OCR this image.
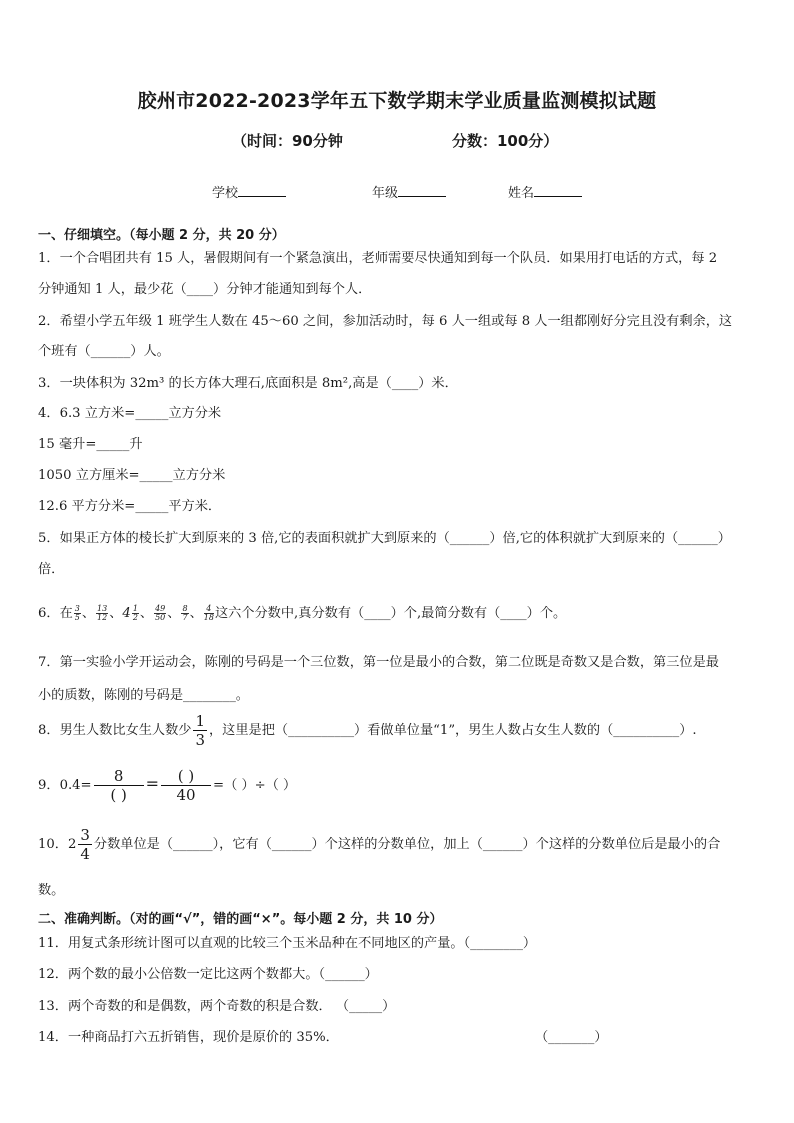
胶州市2022-2023学年五下数学期末学业质量监测模拟试题
（时间：90分钟	分数：100分）
学校	年级	姓名
一、仔细填空。（每小题 2 分，共 20 分）
1．一个合唱团共有 15 人，暑假期间有一个紧急演出，老师需要尽快通知到每一个队员．如果用打电话的方式，每 2
分钟通知 1 人，最少花（____）分钟才能通知到每个人．
2．希望小学五年级 1 班学生人数在 45～60 之间，参加活动时，每 6 人一组或每 8 人一组都刚好分完且没有剩余，这
个班有（______）人。
3．一块体积为 32m³ 的长方体大理石,底面积是 8m²,高是（____）米．
4．6.3 立方米=_____立方分米
15 毫升=_____升
1050 立方厘米=_____立方分米
12.6 平方分米=_____平方米．
5．如果正方体的棱长扩大到原来的 3 倍,它的表面积就扩大到原来的（______）倍,它的体积就扩大到原来的（______）
倍．
6．在 $\frac{3}{5}$ 、 $\frac{13}{12}$ 、$4 \frac{1}{2}$ 、 $\frac{49}{50}$ 、 $\frac{8}{7}$ 、 $\frac{4}{18}$ 这六个分数中,真分数有（____）个,最简分数有（____）个。
7．第一实验小学开运动会，陈刚的号码是一个三位数，第一位是最小的合数，第二位既是奇数又是合数，第三位是最
小的质数，陈刚的号码是________。
8．男生人数比女生人数少 $\frac{1}{3}$ ，这里是把（__________）看做单位量“1”，男生人数占女生人数的（__________）.
9．$0.4= \frac{8}{( )} = \frac{( )}{40}$ =（ ）÷（ ）
10．$2 \frac{3}{4}$ 分数单位是（______），它有（______）个这样的分数单位，加上（______）个这样的分数单位后是最小的合
数。
二、准确判断。（对的画“√”，错的画“×”。每小题 2 分，共 10 分）
11．用复式条形统计图可以直观的比较三个玉米品种在不同地区的产量。（________）
12．两个数的最小公倍数一定比这两个数都大。（______）
13．两个奇数的和是偶数，两个奇数的积是合数． （_____）
14．一种商品打六五折销售，现价是原价的 35%．	（_______）
